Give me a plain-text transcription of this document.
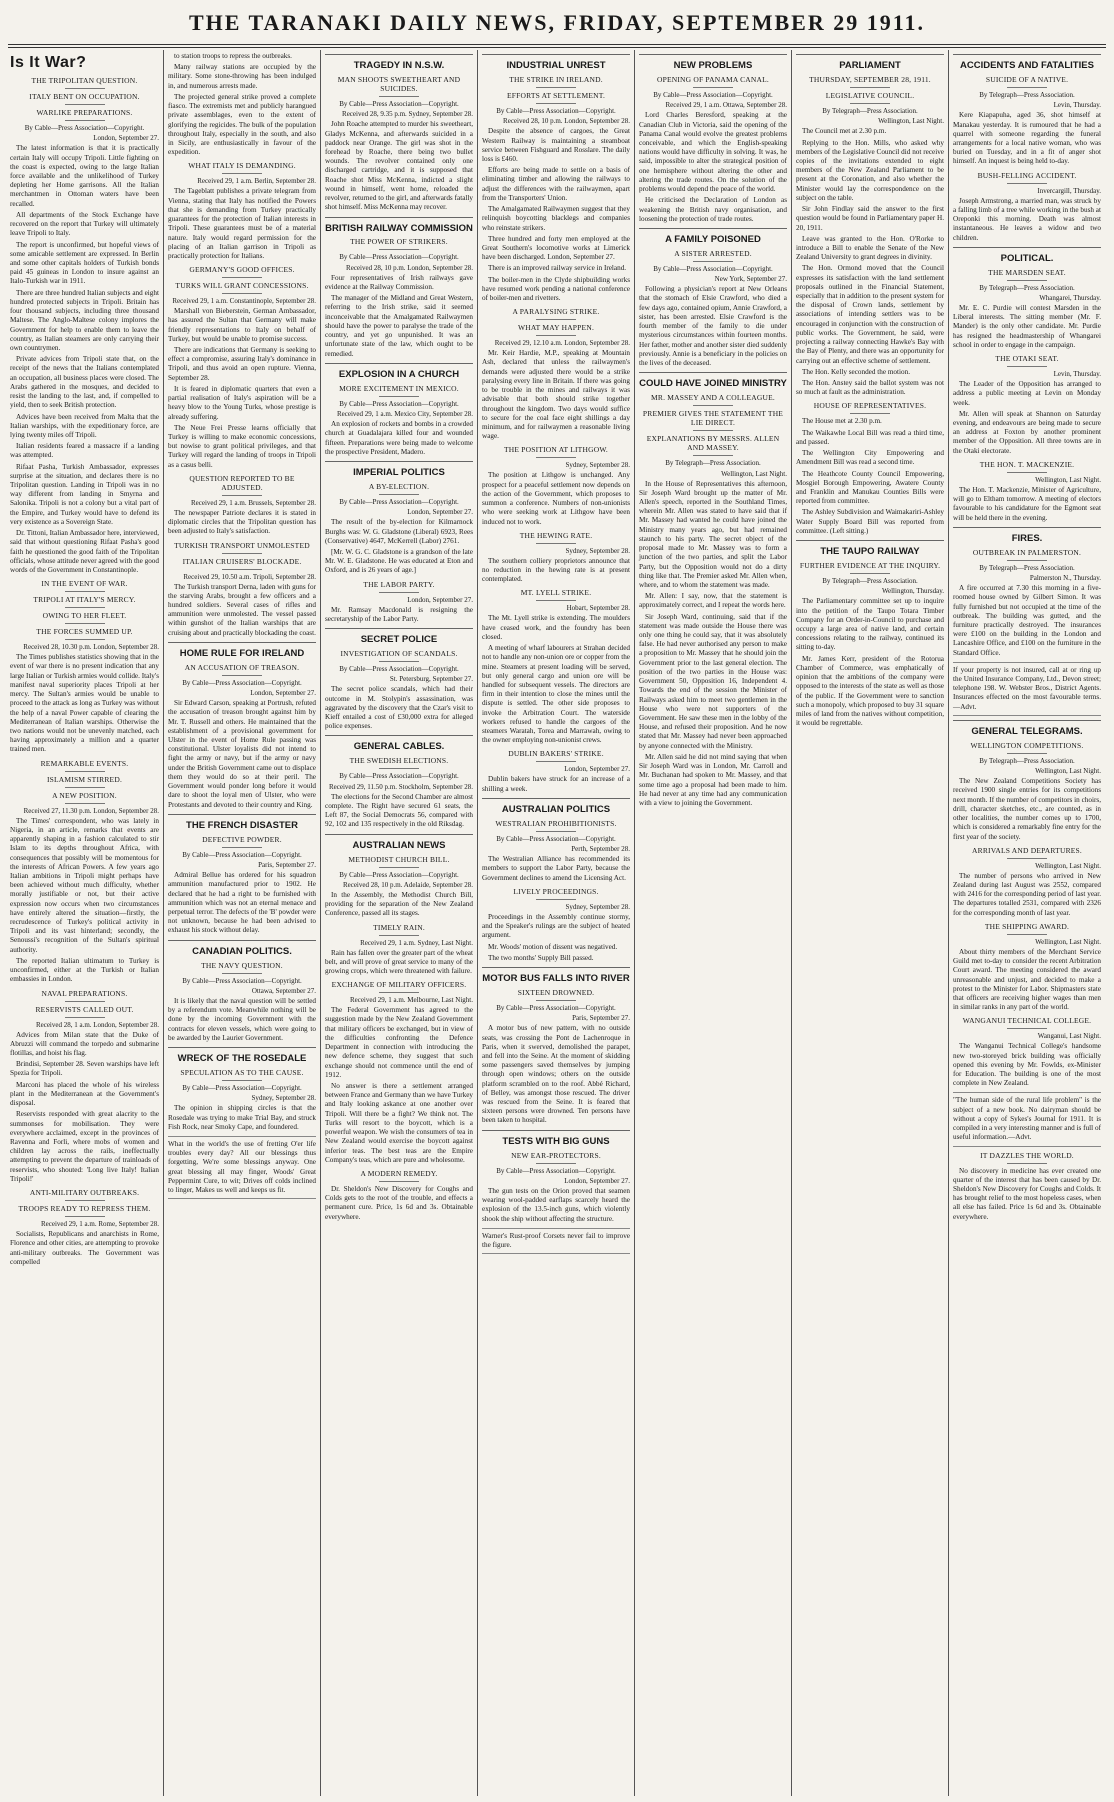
THE TARANAKI DAILY NEWS, FRIDAY, SEPTEMBER 29 1911.
Is It War?
THE TRIPOLITAN QUESTION.
ITALY BENT ON OCCUPATION.
WARLIKE PREPARATIONS.
By Cable—Press Association—Copyright.
London, September 27.

The latest information is that it is practically certain Italy will occupy Tripoli. Little fighting on the coast is expected, owing to the large Italian force available and the unlikelihood of Turkey depleting her Home garrisons. All the Italian merchantmen in Ottoman waters have been recalled.

All departments of the Stock Exchange have recovered on the report that Turkey will ultimately leave Tripoli to Italy.

The report is unconfirmed, but hopeful views of some amicable settlement are expressed. In Berlin and some other capitals holders of Turkish bonds paid 45 guineas in London to insure against an Italo-Turkish war in 1911.

There are three hundred Italian subjects and eight hundred protected subjects in Tripoli. Britain has four thousand subjects, including three thousand Maltese. The Anglo-Maltese colony implores the Government for help to enable them to leave the country, as Italian steamers are only carrying their own countrymen.

Private advices from Tripoli state that, on the receipt of the news that the Italians contemplated an occupation, all business places were closed. The Arabs gathered in the mosques, and decided to resist the landing to the last, and, if compelled to yield, then to seek British protection.

Advices have been received from Malta that the Italian warships, with the expeditionary force, are lying twenty miles off Tripoli.

Italian residents feared a massacre if a landing was attempted.

Rifaat Pasha, Turkish Ambassador, expresses surprise at the situation, and declares there is no Tripolitan question. Landing in Tripoli was in no way different from landing in Smyrna and Salonika. Tripoli is not a colony but a vital part of the Empire, and Turkey would have to defend its very existence as a Sovereign State.

Dr. Tittoni, Italian Ambassador here, interviewed, said that without questioning Rifaat Pasha's good faith he questioned the good faith of the Tripolitan officials, whose attitude never agreed with the good words of the Government in Constantinople.

IN THE EVENT OF WAR.
TRIPOLI AT ITALY'S MERCY.
OWING TO HER FLEET.
THE FORCES SUMMED UP.
Received 28, 10.30 p.m. London, September 28.

The Times publishes statistics showing that in the event of war there is no present indication that any large Italian or Turkish armies would collide. Italy's manifest naval superiority places Tripoli at her mercy. The Sultan's armies would be unable to proceed to the attack as long as Turkey was without the help of a naval Power capable of clearing the Mediterranean of Italian warships. Otherwise the two nations would not be unevenly matched, each having approximately a million and a quarter trained men.

REMARKABLE EVENTS.
ISLAMISM STIRRED.
A NEW POSITION.
Received 27, 11.30 p.m. London, September 28.

The Times' correspondent, who was lately in Nigeria, in an article, remarks that events are apparently shaping in a fashion calculated to stir Islam to its depths throughout Africa, with consequences that possibly will be momentous for the interests of African Powers. A few years ago Italian ambitions in Tripoli might perhaps have been achieved without much difficulty, whether morally justifiable or not, but their active expression now occurs when two circumstances have entirely altered the situation—firstly, the recrudescence of Turkey's political activity in Tripoli and its vast hinterland; secondly, the Senoussi's recognition of the Sultan's spiritual authority.

The reported Italian ultimatum to Turkey is unconfirmed, either at the Turkish or Italian embassies in London.

NAVAL PREPARATIONS.
RESERVISTS CALLED OUT.
Received 28, 1 a.m. London, September 28.

Advices from Milan state that the Duke of Abruzzi will command the torpedo and submarine flotillas, and hoist his flag.

Brindisi, September 28. Seven warships have left Spezia for Tripoli.

Marconi has placed the whole of his wireless plant in the Mediterranean at the Government's disposal.

Reservists responded with great alacrity to the summonses for mobilisation. They were everywhere acclaimed, except in the provinces of Ravenna and Forli, where mobs of women and children lay across the rails, ineffectually attempting to prevent the departure of trainloads of reservists, who shouted: 'Long live Italy! Italian Tripoli!'

ANTI-MILITARY OUTBREAKS.
TROOPS READY TO REPRESS THEM.
Received 29, 1 a.m. Rome, September 28.

Socialists, Republicans and anarchists in Rome, Florence and other cities, are attempting to provoke anti-military outbreaks. The Government was compelled

to station troops to repress the outbreaks.

Many railway stations are occupied by the military. Some stone-throwing has been indulged in, and numerous arrests made.

The projected general strike proved a complete fiasco. The extremists met and publicly harangued private assemblages, even to the extent of glorifying the regicides. The bulk of the population throughout Italy, especially in the south, and also in Sicily, are enthusiastically in favour of the expedition.

WHAT ITALY IS DEMANDING.
Received 29, 1 a.m. Berlin, September 28.

The Tageblatt publishes a private telegram from Vienna, stating that Italy has notified the Powers that she is demanding from Turkey practically guarantees for the protection of Italian interests in Tripoli. These guarantees must be of a material nature. Italy would regard permission for the placing of an Italian garrison in Tripoli as practically protection for Italians.

GERMANY'S GOOD OFFICES.
TURKS WILL GRANT CONCESSIONS.
Received 29, 1 a.m. Constantinople, September 28.

Marshall von Bieberstein, German Ambassador, has assured the Sultan that Germany will make friendly representations to Italy on behalf of Turkey, but would be unable to promise success.

There are indications that Germany is seeking to effect a compromise, assuring Italy's dominance in Tripoli, and thus avoid an open rupture. Vienna, September 28.

It is feared in diplomatic quarters that even a partial realisation of Italy's aspiration will be a heavy blow to the Young Turks, whose prestige is already suffering.

The Neue Frei Presse learns officially that Turkey is willing to make economic concessions, but nowise to grant political privileges, and that Turkey will regard the landing of troops in Tripoli as a casus belli.

QUESTION REPORTED TO BE ADJUSTED.
Received 29, 1 a.m. Brussels, September 28.

The newspaper Patriote declares it is stated in diplomatic circles that the Tripolitan question has been adjusted to Italy's satisfaction.

TURKISH TRANSPORT UNMOLESTED
ITALIAN CRUISERS' BLOCKADE.
Received 29, 10.50 a.m. Tripoli, September 28.

The Turkish transport Derna, laden with guns for the starving Arabs, brought a few officers and a hundred soldiers. Several cases of rifles and ammunition were unmolested. The vessel passed within gunshot of the Italian warships that are cruising about and practically blockading the coast.

HOME RULE FOR IRELAND
AN ACCUSATION OF TREASON.
By Cable—Press Association—Copyright.
London, September 27.

Sir Edward Carson, speaking at Portrush, refuted the accusation of treason brought against him by Mr. T. Russell and others. He maintained that the establishment of a provisional government for Ulster in the event of Home Rule passing was constitutional. Ulster loyalists did not intend to fight the army or navy, but if the army or navy under the British Government came out to displace them they would do so at their peril. The Government would ponder long before it would dare to shoot the loyal men of Ulster, who were Protestants and devoted to their country and King.

THE FRENCH DISASTER
DEFECTIVE POWDER.
By Cable—Press Association—Copyright.
Paris, September 27.

Admiral Bellue has ordered for his squadron ammunition manufactured prior to 1902. He declared that he had a right to be furnished with ammunition which was not an eternal menace and perpetual terror. The defects of the 'B' powder were not unknown, because he had been advised to exhaust his stock without delay.

CANADIAN POLITICS.
THE NAVY QUESTION.
By Cable—Press Association—Copyright.
Ottawa, September 27.

It is likely that the naval question will be settled by a referendum vote. Meanwhile nothing will be done by the incoming Government with the contracts for eleven vessels, which were going to be awarded by the Laurier Government.

WRECK OF THE ROSEDALE
SPECULATION AS TO THE CAUSE.
By Cable—Press Association—Copyright.
Sydney, September 28.

The opinion in shipping circles is that the Rosedale was trying to make Trial Bay, and struck Fish Rock, near Smoky Cape, and foundered.

What in the world's the use of fretting O'er life troubles every day? All our blessings thus forgetting, We're some blessings anyway. One great blessing all may finger, Woods' Great Peppermint Cure, to wit; Drives off colds inclined to linger, Makes us well and keeps us fit.
TRAGEDY IN N.S.W.
MAN SHOOTS SWEETHEART AND SUICIDES.
By Cable—Press Association—Copyright.
Received 28, 9.35 p.m. Sydney, September 28.

John Roache attempted to murder his sweetheart, Gladys McKenna, and afterwards suicided in a paddock near Orange. The girl was shot in the forehead by Roache, there being two bullet wounds. The revolver contained only one discharged cartridge, and it is supposed that Roache shot Miss McKenna, indicted a slight wound in himself, went home, reloaded the revolver, returned to the girl, and afterwards fatally shot himself. Miss McKenna may recover.

BRITISH RAILWAY COMMISSION
THE POWER OF STRIKERS.
By Cable—Press Association—Copyright.
Received 28, 10 p.m. London, September 28.

Four representatives of Irish railways gave evidence at the Railway Commission.

The manager of the Midland and Great Western, referring to the Irish strike, said it seemed inconceivable that the Amalgamated Railwaymen should have the power to paralyse the trade of the country, and yet go unpunished. It was an unfortunate state of the law, which ought to be remedied.

EXPLOSION IN A CHURCH
MORE EXCITEMENT IN MEXICO.
By Cable—Press Association—Copyright.
Received 29, 1 a.m. Mexico City, September 28.

An explosion of rockets and bombs in a crowded church at Guadalajara killed four and wounded fifteen. Preparations were being made to welcome the prospective President, Madero.

IMPERIAL POLITICS
A BY-ELECTION.
By Cable—Press Association—Copyright.
London, September 27.

The result of the by-election for Kilmarnock Burghs was: W. G. Gladstone (Liberal) 6923, Rees (Conservative) 4647, McKerrell (Labor) 2761.

[Mr. W. G. C. Gladstone is a grandson of the late Mr. W. E. Gladstone. He was educated at Eton and Oxford, and is 26 years of age.]

THE LABOR PARTY.
London, September 27.

Mr. Ramsay Macdonald is resigning the secretaryship of the Labor Party.

SECRET POLICE
INVESTIGATION OF SCANDALS.
By Cable—Press Association—Copyright.
St. Petersburg, September 27.

The secret police scandals, which had their outcome in M. Stolypin's assassination, was aggravated by the discovery that the Czar's visit to Kieff entailed a cost of £30,000 extra for alleged police expenses.

GENERAL CABLES.
THE SWEDISH ELECTIONS.
By Cable—Press Association—Copyright.
Received 29, 11.50 p.m. Stockholm, September 28.

The elections for the Second Chamber are almost complete. The Right have secured 61 seats, the Left 87, the Social Democrats 56, compared with 92, 102 and 135 respectively in the old Riksdag.

AUSTRALIAN NEWS
METHODIST CHURCH BILL.
By Cable—Press Association—Copyright.
Received 28, 10 p.m. Adelaide, September 28.

In the Assembly, the Methodist Church Bill, providing for the separation of the New Zealand Conference, passed all its stages.

TIMELY RAIN.
Received 29, 1 a.m. Sydney, Last Night.

Rain has fallen over the greater part of the wheat belt, and will prove of great service to many of the growing crops, which were threatened with failure.

EXCHANGE OF MILITARY OFFICERS.
Received 29, 1 a.m. Melbourne, Last Night.

The Federal Government has agreed to the suggestion made by the New Zealand Government that military officers be exchanged, but in view of the difficulties confronting the Defence Department in connection with introducing the new defence scheme, they suggest that such exchange should not commence until the end of 1912.

No answer is there a settlement arranged between France and Germany than we have Turkey and Italy looking askance at one another over Tripoli. Will there be a fight? We think not. The Turks will resort to the boycott, which is a powerful weapon. We wish the consumers of tea in New Zealand would exercise the boycott against inferior teas. The best teas are the Empire Company's teas, which are pure and wholesome.

A MODERN REMEDY.

Dr. Sheldon's New Discovery for Coughs and Colds gets to the root of the trouble, and effects a permanent cure. Price, 1s 6d and 3s. Obtainable everywhere.

INDUSTRIAL UNREST
THE STRIKE IN IRELAND.
EFFORTS AT SETTLEMENT.
By Cable—Press Association—Copyright.
Received 28, 10 p.m. London, September 28.

Despite the absence of cargoes, the Great Western Railway is maintaining a steamboat service between Fishguard and Rosslare. The daily loss is £460.

Efforts are being made to settle on a basis of eliminating timber and allowing the railways to adjust the differences with the railwaymen, apart from the Transporters' Union.

The Amalgamated Railwaymen suggest that they relinquish boycotting blacklegs and companies who reinstate strikers.

Three hundred and forty men employed at the Great Southern's locomotive works at Limerick have been discharged. London, September 27.

There is an improved railway service in Ireland.

The boiler-men in the Clyde shipbuilding works have resumed work pending a national conference of boiler-men and rivetters.

A PARALYSING STRIKE.
WHAT MAY HAPPEN.
Received 29, 12.10 a.m. London, September 28.

Mr. Keir Hardie, M.P., speaking at Mountain Ash, declared that unless the railwaymen's demands were adjusted there would be a strike paralysing every line in Britain. If there was going to be trouble in the mines and railways it was advisable that both should strike together throughout the kingdom. Two days would suffice to secure for the coal face eight shillings a day minimum, and for railwaymen a reasonable living wage.

THE POSITION AT LITHGOW.
Sydney, September 28.

The position at Lithgow is unchanged. Any prospect for a peaceful settlement now depends on the action of the Government, which proposes to summon a conference. Numbers of non-unionists who were seeking work at Lithgow have been induced not to work.

THE HEWING RATE.
Sydney, September 28.

The southern colliery proprietors announce that no reduction in the hewing rate is at present contemplated.

MT. LYELL STRIKE.
Hobart, September 28.

The Mt. Lyell strike is extending. The moulders have ceased work, and the foundry has been closed.

A meeting of wharf labourers at Strahan decided not to handle any non-union ore or copper from the mine. Steamers at present loading will be served, but only general cargo and union ore will be handled for subsequent vessels. The directors are firm in their intention to close the mines until the dispute is settled. The other side proposes to invoke the Arbitration Court. The waterside workers refused to handle the cargoes of the steamers Waratah, Torea and Marrawah, owing to the owner employing non-unionist crews.

DUBLIN BAKERS' STRIKE.
London, September 27.

Dublin bakers have struck for an increase of a shilling a week.

AUSTRALIAN POLITICS
WESTRALIAN PROHIBITIONISTS.
By Cable—Press Association—Copyright.
Perth, September 28.

The Westralian Alliance has recommended its members to support the Labor Party, because the Government declines to amend the Licensing Act.

LIVELY PROCEEDINGS.
Sydney, September 28.

Proceedings in the Assembly continue stormy, and the Speaker's rulings are the subject of heated argument.

Mr. Woods' motion of dissent was negatived.

The two months' Supply Bill passed.

MOTOR BUS FALLS INTO RIVER
SIXTEEN DROWNED.
By Cable—Press Association—Copyright.
Paris, September 27.

A motor bus of new pattern, with no outside seats, was crossing the Pont de Lachenroque in Paris, when it swerved, demolished the parapet, and fell into the Seine. At the moment of skidding some passengers saved themselves by jumping through open windows; others on the outside platform scrambled on to the roof. Abbé Richard, of Belley, was amongst those rescued. The driver was rescued from the Seine. It is feared that sixteen persons were drowned. Ten persons have been taken to hospital.

TESTS WITH BIG GUNS
NEW EAR-PROTECTORS.
By Cable—Press Association—Copyright.
London, September 27.

The gun tests on the Orion proved that seamen wearing wool-padded earflaps scarcely heard the explosion of the 13.5-inch guns, which violently shook the ship without affecting the structure.

Warner's Rust-proof Corsets never fail to improve the figure.
NEW PROBLEMS
OPENING OF PANAMA CANAL.
By Cable—Press Association—Copyright.
Received 29, 1 a.m. Ottawa, September 28.

Lord Charles Beresford, speaking at the Canadian Club in Victoria, said the opening of the Panama Canal would evolve the greatest problems conceivable, and which the English-speaking nations would have difficulty in solving. It was, he said, impossible to alter the strategical position of one hemisphere without altering the other and altering the trade routes. On the solution of the problems would depend the peace of the world.

He criticised the Declaration of London as weakening the British navy organisation, and loosening the protection of trade routes.

A FAMILY POISONED
A SISTER ARRESTED.
By Cable—Press Association—Copyright.
New York, September 27.

Following a physician's report at New Orleans that the stomach of Elsie Crawford, who died a few days ago, contained opium, Annie Crawford, a sister, has been arrested. Elsie Crawford is the fourth member of the family to die under mysterious circumstances within fourteen months. Her father, mother and another sister died suddenly previously. Annie is a beneficiary in the policies on the lives of the deceased.

COULD HAVE JOINED MINISTRY
MR. MASSEY AND A COLLEAGUE.
PREMIER GIVES THE STATEMENT THE LIE DIRECT.
EXPLANATIONS BY MESSRS. ALLEN AND MASSEY.
By Telegraph—Press Association.
Wellington, Last Night.

In the House of Representatives this afternoon, Sir Joseph Ward brought up the matter of Mr. Allen's speech, reported in the Southland Times, wherein Mr. Allen was stated to have said that if Mr. Massey had wanted he could have joined the Ministry many years ago, but had remained staunch to his party. The secret object of the proposal made to Mr. Massey was to form a junction of the two parties, and split the Labor Party, but the Opposition would not do a dirty thing like that. The Premier asked Mr. Allen when, where, and to whom the statement was made.

Mr. Allen: I say, now, that the statement is approximately correct, and I repeat the words here.

Sir Joseph Ward, continuing, said that if the statement was made outside the House there was only one thing he could say, that it was absolutely false. He had never authorised any person to make a proposition to Mr. Massey that he should join the Government prior to the last general election. The position of the two parties in the House was: Government 50, Opposition 16, Independent 4. Towards the end of the session the Minister of Railways asked him to meet two gentlemen in the House who were not supporters of the Government. He saw these men in the lobby of the House, and refused their proposition. And he now stated that Mr. Massey had never been approached by anyone connected with the Ministry.

Mr. Allen said he did not mind saying that when Sir Joseph Ward was in London, Mr. Carroll and Mr. Buchanan had spoken to Mr. Massey, and that some time ago a proposal had been made to him. He had never at any time had any communication with a view to joining the Government.

PARLIAMENT
THURSDAY, SEPTEMBER 28, 1911.
LEGISLATIVE COUNCIL.
By Telegraph—Press Association.
Wellington, Last Night.

The Council met at 2.30 p.m.

Replying to the Hon. Mills, who asked why members of the Legislative Council did not receive copies of the invitations extended to eight members of the New Zealand Parliament to be present at the Coronation, and also whether the Minister would lay the correspondence on the subject on the table.

Sir John Findlay said the answer to the first question would be found in Parliamentary paper H. 20, 1911.

Leave was granted to the Hon. O'Rorke to introduce a Bill to enable the Senate of the New Zealand University to grant degrees in divinity.

The Hon. Ormond moved that the Council expresses its satisfaction with the land settlement proposals outlined in the Financial Statement, especially that in addition to the present system for the disposal of Crown lands, settlement by associations of intending settlers was to be encouraged in conjunction with the construction of public works. The Government, he said, were projecting a railway connecting Hawke's Bay with the Bay of Plenty, and there was an opportunity for carrying out an effective scheme of settlement.

The Hon. Kelly seconded the motion.

The Hon. Anstey said the ballot system was not so much at fault as the administration.

HOUSE OF REPRESENTATIVES.

The House met at 2.30 p.m.

The Waikawhe Local Bill was read a third time, and passed.

The Wellington City Empowering and Amendment Bill was read a second time.

The Heathcote County Council Empowering, Mosgiel Borough Empowering, Awatere County and Franklin and Manukau Counties Bills were reported from committee.

The Ashley Subdivision and Waimakariri-Ashley Water Supply Board Bill was reported from committee. (Left sitting.)

THE TAUPO RAILWAY
FURTHER EVIDENCE AT THE INQUIRY.
By Telegraph—Press Association.
Wellington, Thursday.

The Parliamentary committee set up to inquire into the petition of the Taupo Totara Timber Company for an Order-in-Council to purchase and occupy a large area of native land, and certain concessions relating to the railway, continued its sitting to-day.

Mr. James Kerr, president of the Rotorua Chamber of Commerce, was emphatically of opinion that the ambitions of the company were opposed to the interests of the state as well as those of the public. If the Government were to sanction such a monopoly, which proposed to buy 31 square miles of land from the natives without competition, it would be regrettable.

ACCIDENTS AND FATALITIES
SUICIDE OF A NATIVE.
By Telegraph—Press Association.
Levin, Thursday.

Kere Kiapapuha, aged 36, shot himself at Manakau yesterday. It is rumoured that he had a quarrel with someone regarding the funeral arrangements for a local native woman, who was buried on Tuesday, and in a fit of anger shot himself. An inquest is being held to-day.

BUSH-FELLING ACCIDENT.
Invercargill, Thursday.

Joseph Armstrong, a married man, was struck by a falling limb of a tree while working in the bush at Oreponki this morning. Death was almost instantaneous. He leaves a widow and two children.

POLITICAL.
THE MARSDEN SEAT.
By Telegraph—Press Association.
Whangarei, Thursday.

Mr. E. C. Purdie will contest Marsden in the Liberal interests. The sitting member (Mr. F. Mander) is the only other candidate. Mr. Purdie has resigned the headmastership of Whangarei school in order to engage in the campaign.

THE OTAKI SEAT.
Levin, Thursday.

The Leader of the Opposition has arranged to address a public meeting at Levin on Monday week.

Mr. Allen will speak at Shannon on Saturday evening, and endeavours are being made to secure an address at Foxton by another prominent member of the Opposition. All three towns are in the Otaki electorate.

THE HON. T. MACKENZIE.
Wellington, Last Night.

The Hon. T. Mackenzie, Minister of Agriculture, will go to Eltham tomorrow. A meeting of electors favourable to his candidature for the Egmont seat will be held there in the evening.

FIRES.
OUTBREAK IN PALMERSTON.
By Telegraph—Press Association.
Palmerston N., Thursday.

A fire occurred at 7.30 this morning in a five-roomed house owned by Gilbert Simon. It was fully furnished but not occupied at the time of the outbreak. The building was gutted, and the furniture practically destroyed. The insurances were £100 on the building in the London and Lancashire Office, and £100 on the furniture in the Standard Office.

If your property is not insured, call at or ring up the United Insurance Company, Ltd., Devon street; telephone 198. W. Webster Bros., District Agents. Insurances effected on the most favourable terms.—Advt.
GENERAL TELEGRAMS.
WELLINGTON COMPETITIONS.
By Telegraph—Press Association.
Wellington, Last Night.

The New Zealand Competitions Society has received 1900 single entries for its competitions next month. If the number of competitors in choirs, drill, character sketches, etc., are counted, as in other localities, the number comes up to 1700, which is considered a remarkably fine entry for the first year of the society.

ARRIVALS AND DEPARTURES.
Wellington, Last Night.

The number of persons who arrived in New Zealand during last August was 2552, compared with 2416 for the corresponding period of last year. The departures totalled 2531, compared with 2326 for the corresponding month of last year.

THE SHIPPING AWARD.
Wellington, Last Night.

About thirty members of the Merchant Service Guild met to-day to consider the recent Arbitration Court award. The meeting considered the award unreasonable and unjust, and decided to make a protest to the Minister for Labor. Shipmasters state that officers are receiving higher wages than men in similar ranks in any part of the world.

WANGANUI TECHNICAL COLLEGE.
Wanganui, Last Night.

The Wanganui Technical College's handsome new two-storeyed brick building was officially opened this evening by Mr. Fowlds, ex-Minister for Education. The building is one of the most complete in New Zealand.

"The human side of the rural life problem" is the subject of a new book. No dairyman should be without a copy of Sykes's Journal for 1911. It is compiled in a very interesting manner and is full of useful information.—Advt.
IT DAZZLES THE WORLD.

No discovery in medicine has ever created one quarter of the interest that has been caused by Dr. Sheldon's New Discovery for Coughs and Colds. It has brought relief to the most hopeless cases, when all else has failed. Price 1s 6d and 3s. Obtainable everywhere.
